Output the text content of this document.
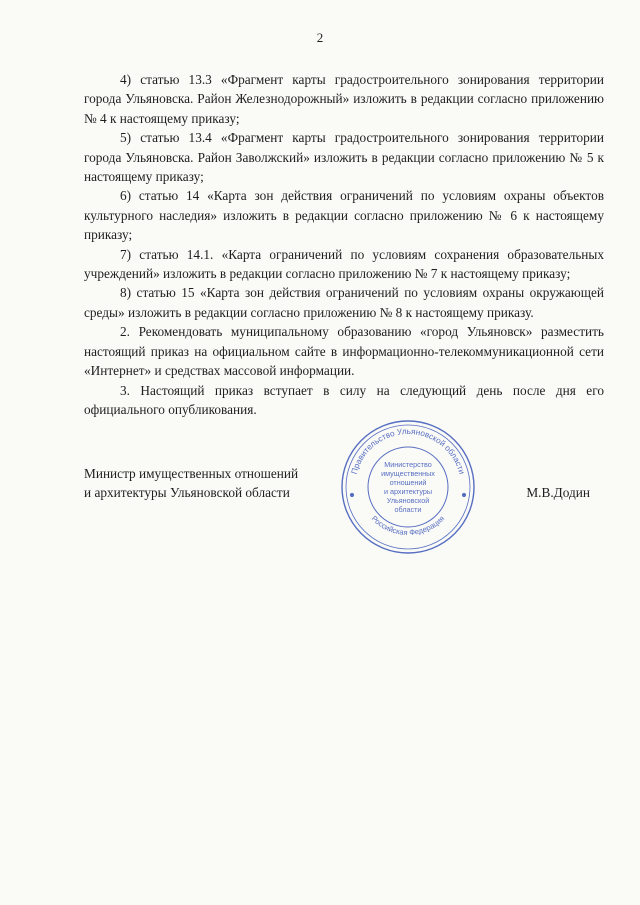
2

4) статью 13.3 «Фрагмент карты градостроительного зонирования территории города Ульяновска. Район Железнодорожный» изложить в редакции согласно приложению № 4 к настоящему приказу;

5) статью 13.4 «Фрагмент карты градостроительного зонирования территории города Ульяновска. Район Заволжский» изложить в редакции согласно приложению № 5 к настоящему приказу;

6) статью 14 «Карта зон действия ограничений по условиям охраны объектов культурного наследия» изложить в редакции согласно приложению № 6 к настоящему приказу;

7) статью 14.1. «Карта ограничений по условиям сохранения образовательных учреждений» изложить в редакции согласно приложению № 7 к настоящему приказу;

8) статью 15 «Карта зон действия ограничений по условиям охраны окружающей среды» изложить в редакции согласно приложению № 8 к настоящему приказу.

2. Рекомендовать муниципальному образованию «город Ульяновск» разместить настоящий приказ на официальном сайте в информационно-телекоммуникационной сети «Интернет» и средствах массовой информации.

3. Настоящий приказ вступает в силу на следующий день после дня его официального опубликования.

Министр имущественных отношений
и архитектуры Ульяновской области	М.В.Додин
Правительство Ульяновской области
Российская Федерация
Министерство
имущественных
отношений
и архитектуры
Ульяновской
области
